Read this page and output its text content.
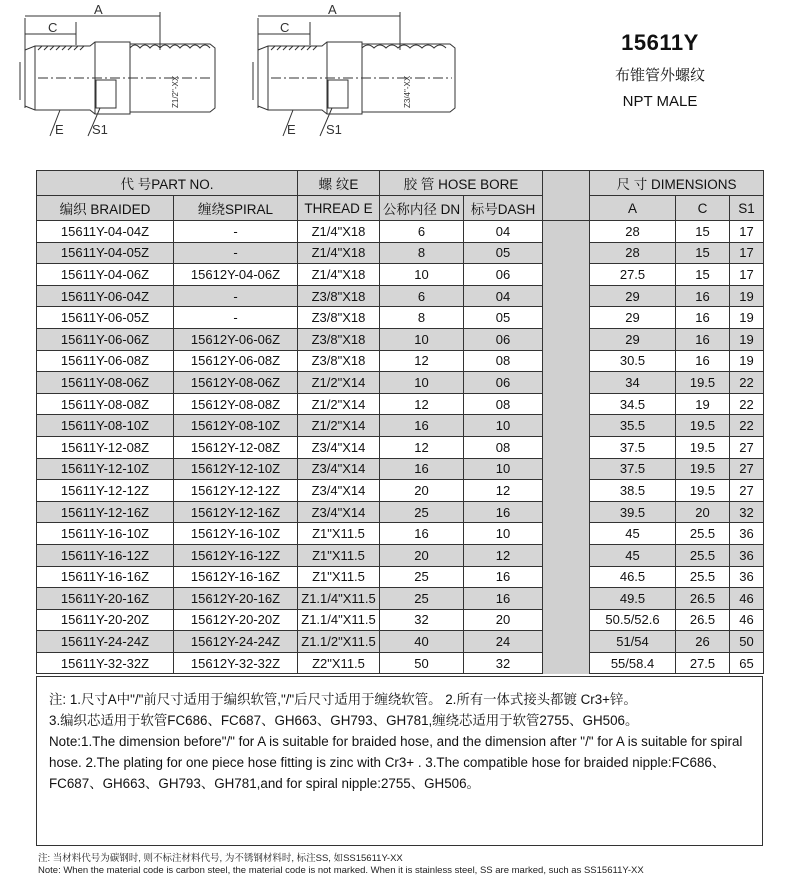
A
C
E S1
Z1/2"-XX
A
C
E S1
Z3/4"-XX
15611Y
布锥管外螺纹
NPT MALE
代 号PART NO.		螺 纹E	胶 管 HOSE BORE			尺 寸 DIMENSIONS		
编织 BRAIDED	缠绕SPIRAL	THREAD E	公称内径 DN	标号DASH		A	C	S1
15611Y-04-04Z	-	Z1/4"X18	6	04		28	15	17
15611Y-04-05Z	-	Z1/4"X18	8	05		28	15	17
15611Y-04-06Z	15612Y-04-06Z	Z1/4"X18	10	06		27.5	15	17
15611Y-06-04Z	-	Z3/8"X18	6	04		29	16	19
15611Y-06-05Z	-	Z3/8"X18	8	05		29	16	19
15611Y-06-06Z	15612Y-06-06Z	Z3/8"X18	10	06		29	16	19
15611Y-06-08Z	15612Y-06-08Z	Z3/8"X18	12	08		30.5	16	19
15611Y-08-06Z	15612Y-08-06Z	Z1/2"X14	10	06		34	19.5	22
15611Y-08-08Z	15612Y-08-08Z	Z1/2"X14	12	08		34.5	19	22
15611Y-08-10Z	15612Y-08-10Z	Z1/2"X14	16	10		35.5	19.5	22
15611Y-12-08Z	15612Y-12-08Z	Z3/4"X14	12	08		37.5	19.5	27
15611Y-12-10Z	15612Y-12-10Z	Z3/4"X14	16	10		37.5	19.5	27
15611Y-12-12Z	15612Y-12-12Z	Z3/4"X14	20	12		38.5	19.5	27
15611Y-12-16Z	15612Y-12-16Z	Z3/4"X14	25	16		39.5	20	32
15611Y-16-10Z	15612Y-16-10Z	Z1"X11.5	16	10		45	25.5	36
15611Y-16-12Z	15612Y-16-12Z	Z1"X11.5	20	12		45	25.5	36
15611Y-16-16Z	15612Y-16-16Z	Z1"X11.5	25	16		46.5	25.5	36
15611Y-20-16Z	15612Y-20-16Z	Z1.1/4"X11.5	25	16		49.5	26.5	46
15611Y-20-20Z	15612Y-20-20Z	Z1.1/4"X11.5	32	20		50.5/52.6	26.5	46
15611Y-24-24Z	15612Y-24-24Z	Z1.1/2"X11.5	40	24		51/54	26	50
15611Y-32-32Z	15612Y-32-32Z	Z2"X11.5	50	32		55/58.4	27.5	65

注: 1.尺寸A中"/"前尺寸适用于编织软管,"/"后尺寸适用于缠绕软管。 2.所有一体式接头都镀 Cr3+锌。

3.编织芯适用于软管FC686、FC687、GH663、GH793、GH781,缠绕芯适用于软管2755、GH506。

Note:1.The dimension before"/" for A is suitable for braided hose, and the dimension after "/" for A is suitable for spiral hose. 2.The plating for one piece hose fitting is zinc with Cr3+ . 3.The compatible hose for braided nipple:FC686、FC687、GH663、GH793、GH781,and for spiral nipple:2755、GH506。

注: 当材料代号为碳钢时, 则不标注材料代号, 为不锈钢材料时, 标注SS, 如SS15611Y-XX
Note: When the material code is carbon steel, the material code is not marked. When it is stainless steel, SS are marked, such as SS15611Y-XX
